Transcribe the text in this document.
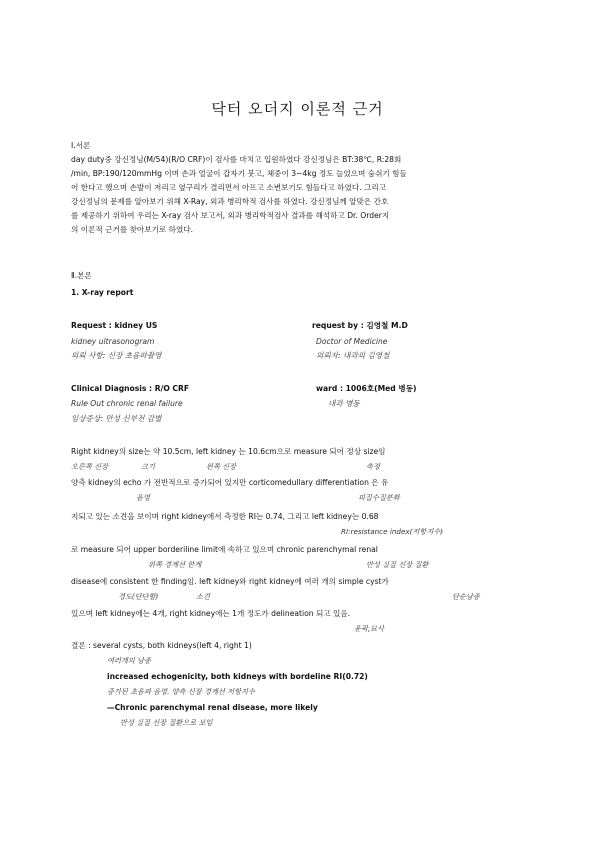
닥터 오더지 이론적 근거
Ⅰ.서론
day duty중 강신정님(M/54)(R/O CRF)이 검사를 마치고 입원하였다 강신정님은 BT:38℃, R:28회
/min, BP:190/120mmHg 이며 손과 얼굴이 갑자기 붓고, 체중이 3~4kg 정도 늘었으며 숨쉬기 힘들
어 한다고 했으며 손발이 저리고 옆구리가 결리면서 아프고 소변보기도 힘들다고 하였다. 그리고
강신정님의 문제를 알아보기 위해 X-Ray, 외과 병리학적 검사를 하였다. 강신정님께 알맞은 간호
를 제공하기 위하여 우리는 X-ray 검사 보고서, 외과 병리학적검사 결과를 해석하고 Dr. Order지
의 이론적 근거를 찾아보기로 하였다.
Ⅱ.본론
1. X-ray report
Request : kidney US	request by : 김영철 M.D
kidney ultrasonogram	Doctor of Medicine
의뢰 사항: 신장 초음파촬영	의뢰자: 내과의 김영철
Clinical Diagnosis : R/O CRF	ward : 1006호(Med 병동)
Rule Out chronic renal failure	내과 병동
임상증상: 만성 신부전 감별
Right kidney의 size는 약 10.5cm, left kidney 는 10.6cm으로 measure 되어 정상 size임
오른쪽 신장	크기	왼쪽 신장	측정
양측 kidney의 echo 가 전반적으로 증가되어 있지만 corticomedullary differentiation 은 유
음영	피질수질분화
지되고 있는 소견을 보이며 right kidney에서 측정한 RI는 0.74, 그리고 left kidney는 0.68
RI:resistance index(저항지수)
로 measure 되어 upper borderiline limit에 속하고 있으며 chronic parenchymal renal
위쪽 경계선 한계	만성 실질 신장 질환
disease에 consistent 한 finding임. left kidney와 right kidney에 여러 개의 simple cyst가
경도(단단함)	소견	단순낭종
있으며 left kidney에는 4개, right kidney에는 1개 정도가 delineation 되고 있음.
윤곽,묘사
결론 : several cysts, both kidneys(left 4, right 1)
여러개의 낭종
increased echogenicity, both kidneys with bordeline RI(0.72)
증가된 초음파 음영. 양측 신장 경계선 저항지수
—Chronic parenchymal renal disease, more likely
만성 실질 신장 질환으로 보임
